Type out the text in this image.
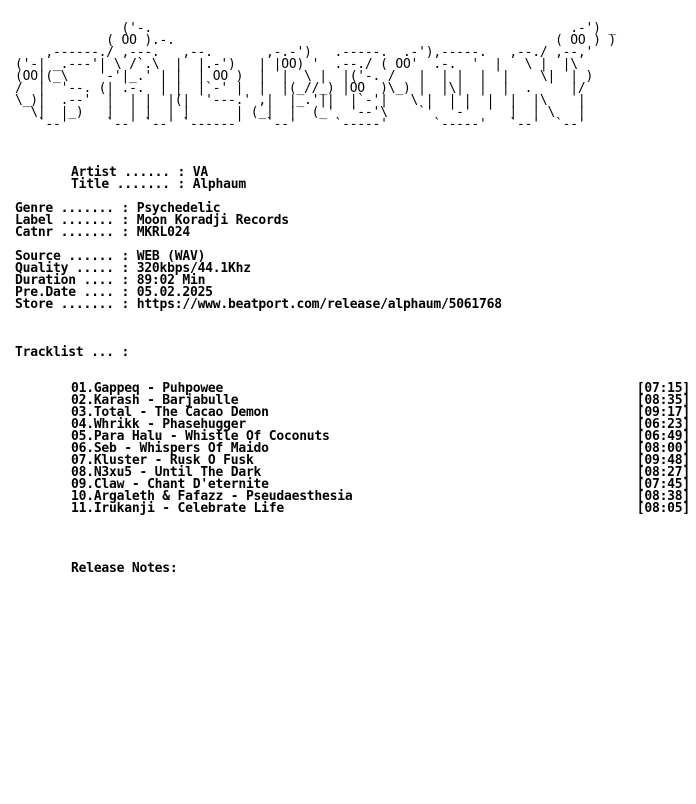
('-.                                                       .-') _
( OO ).-.                                                  ( OO ) )
,------./ ,---.   ,--.       ,-.-')   .-----.  .-'),-----.   ,--./ ,--,'
('-| _.---'| \ /`.\  |  |.-')   | |OO) '  .--./ ( OO'  .-.  '  |   \ |  |\
(OO|(_\    '-'|_.' | |  | OO )  |  |  \ |  |('-. /   |  | |  |  |    \|  | )
/  |  '--. (| .-.  | |  |`-' |  |  |(_//_) |OO  )\_) |  |\|  |  |  .     |/
\_)|  .--'  |  | |  |(|  '---.' ,|  |_.'||  |`-'|   \ |  | |  |  |  |\    |
\|  |_)   |  | |  | |      | (_|  |  (_'  '--'\    `'  '-'  '  |  | \   |
`--'     `--' `--' `------'   `--'     `-----'      `-----'   `--'  `--'
Artist ...... : VA
Title ....... : Alphaum
Genre ....... : Psychedelic
Label ....... : Moon Koradji Records
Catnr ....... : MKRL024
Source ...... : WEB (WAV)
Quality ..... : 320kbps/44.1Khz
Duration .... : 89:02 Min
Pre.Date .... : 05.02.2025
Store ....... : https://www.beatport.com/release/alphaum/5061768
Tracklist ... :
01.Gappeq - Puhpowee	[07:15]
02.Karash - Barjabulle	[08:35]
03.Total - The Cacao Demon	[09:17]
04.Whrikk - Phasehugger	[06:23]
05.Para Halu - Whistle Of Coconuts	[06:49]
06.Seb - Whispers Of Maido	[08:00]
07.Kluster - Rusk O Fusk	[09:48]
08.N3xu5 - Until The Dark	[08:27]
09.Claw - Chant D'eternite	[07:45]
10.Argaleth & Fafazz - Pseudaesthesia	[08:38]
11.Irukanji - Celebrate Life	[08:05]
Release Notes:
